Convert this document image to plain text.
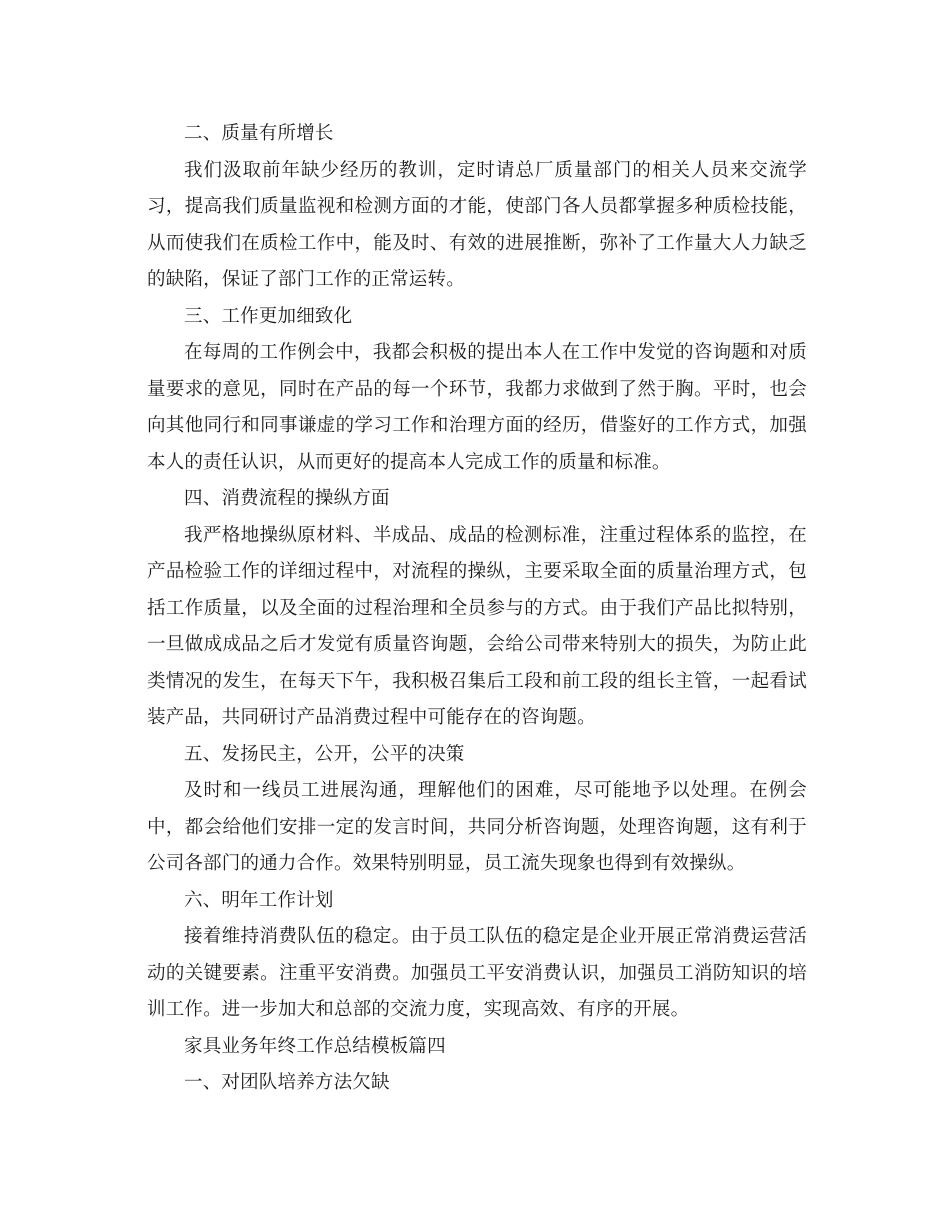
二、质量有所增长

我们汲取前年缺少经历的教训，定时请总厂质量部门的相关人员来交流学习，提高我们质量监视和检测方面的才能，使部门各人员都掌握多种质检技能，从而使我们在质检工作中，能及时、有效的进展推断，弥补了工作量大人力缺乏的缺陷，保证了部门工作的正常运转。

三、工作更加细致化

在每周的工作例会中，我都会积极的提出本人在工作中发觉的咨询题和对质量要求的意见，同时在产品的每一个环节，我都力求做到了然于胸。平时，也会向其他同行和同事谦虚的学习工作和治理方面的经历，借鉴好的工作方式，加强本人的责任认识，从而更好的提高本人完成工作的质量和标准。

四、消费流程的操纵方面

我严格地操纵原材料、半成品、成品的检测标准，注重过程体系的监控，在产品检验工作的详细过程中，对流程的操纵，主要采取全面的质量治理方式，包括工作质量，以及全面的过程治理和全员参与的方式。由于我们产品比拟特别，一旦做成成品之后才发觉有质量咨询题，会给公司带来特别大的损失，为防止此类情况的发生，在每天下午，我积极召集后工段和前工段的组长主管，一起看试装产品，共同研讨产品消费过程中可能存在的咨询题。

五、发扬民主，公开，公平的决策

及时和一线员工进展沟通，理解他们的困难，尽可能地予以处理。在例会中，都会给他们安排一定的发言时间，共同分析咨询题，处理咨询题，这有利于公司各部门的通力合作。效果特别明显，员工流失现象也得到有效操纵。

六、明年工作计划

接着维持消费队伍的稳定。由于员工队伍的稳定是企业开展正常消费运营活动的关键要素。注重平安消费。加强员工平安消费认识，加强员工消防知识的培训工作。进一步加大和总部的交流力度，实现高效、有序的开展。

家具业务年终工作总结模板篇四

一、对团队培养方法欠缺
